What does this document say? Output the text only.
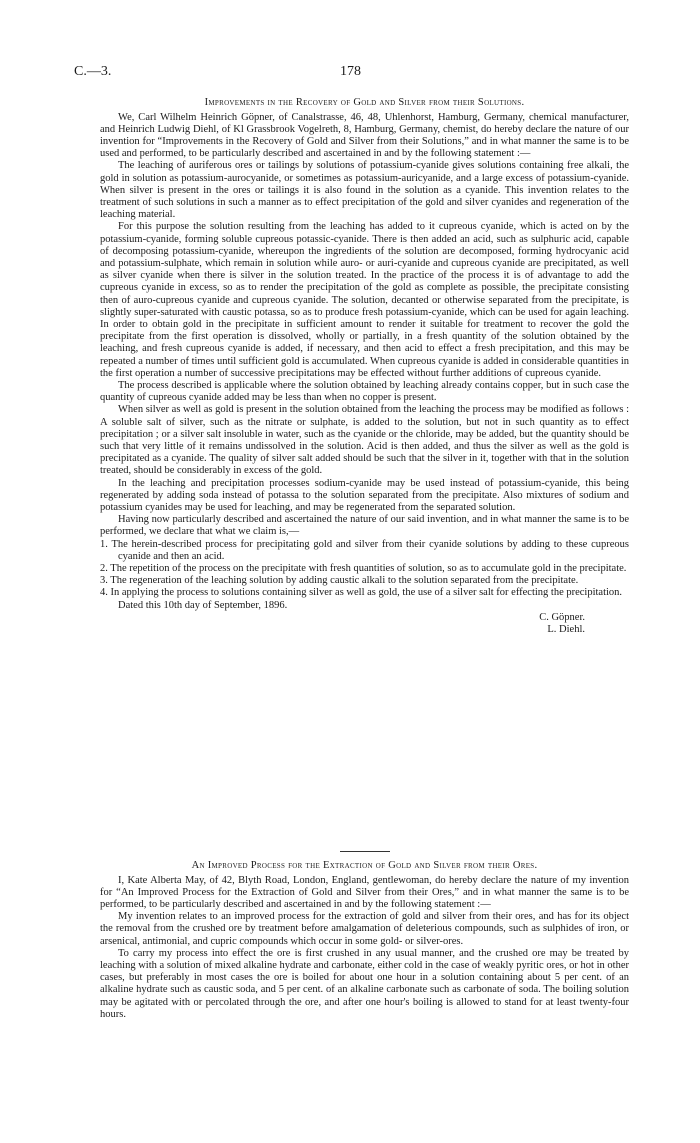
C.—3.	178
Improvements in the Recovery of Gold and Silver from their Solutions.

We, Carl Wilhelm Heinrich Göpner, of Canalstrasse, 46, 48, Uhlenhorst, Hamburg, Germany, chemical manufacturer, and Heinrich Ludwig Diehl, of Kl Grassbrook Vogelreth, 8, Hamburg, Germany, chemist, do hereby declare the nature of our invention for “Improvements in the Recovery of Gold and Silver from their Solutions,” and in what manner the same is to be used and performed, to be particularly described and ascertained in and by the following statement :—

The leaching of auriferous ores or tailings by solutions of potassium-cyanide gives solutions containing free alkali, the gold in solution as potassium-aurocyanide, or sometimes as potassium-auricyanide, and a large excess of potassium-cyanide. When silver is present in the ores or tailings it is also found in the solution as a cyanide. This invention relates to the treatment of such solutions in such a manner as to effect precipitation of the gold and silver cyanides and regeneration of the leaching material.

For this purpose the solution resulting from the leaching has added to it cupreous cyanide, which is acted on by the potassium-cyanide, forming soluble cupreous potassic-cyanide. There is then added an acid, such as sulphuric acid, capable of decomposing potassium-cyanide, whereupon the ingredients of the solution are decomposed, forming hydrocyanic acid and potassium-sulphate, which remain in solution while auro- or auri-cyanide and cupreous cyanide are precipitated, as well as silver cyanide when there is silver in the solution treated. In the practice of the process it is of advantage to add the cupreous cyanide in excess, so as to render the precipitation of the gold as complete as possible, the precipitate consisting then of auro-cupreous cyanide and cupreous cyanide. The solution, decanted or otherwise separated from the precipitate, is slightly super-saturated with caustic potassa, so as to produce fresh potassium-cyanide, which can be used for again leaching. In order to obtain gold in the precipitate in sufficient amount to render it suitable for treatment to recover the gold the precipitate from the first operation is dissolved, wholly or partially, in a fresh quantity of the solution obtained by the leaching, and fresh cupreous cyanide is added, if necessary, and then acid to effect a fresh precipitation, and this may be repeated a number of times until sufficient gold is accumulated. When cupreous cyanide is added in considerable quantities in the first operation a number of successive precipitations may be effected without further additions of cupreous cyanide.

The process described is applicable where the solution obtained by leaching already contains copper, but in such case the quantity of cupreous cyanide added may be less than when no copper is present.

When silver as well as gold is present in the solution obtained from the leaching the process may be modified as follows : A soluble salt of silver, such as the nitrate or sulphate, is added to the solution, but not in such quantity as to effect precipitation ; or a silver salt insoluble in water, such as the cyanide or the chloride, may be added, but the quantity should be such that very little of it remains undissolved in the solution. Acid is then added, and thus the silver as well as the gold is precipitated as a cyanide. The quality of silver salt added should be such that the silver in it, together with that in the solution treated, should be considerably in excess of the gold.

In the leaching and precipitation processes sodium-cyanide may be used instead of potassium-cyanide, this being regenerated by adding soda instead of potassa to the solution separated from the precipitate. Also mixtures of sodium and potassium cyanides may be used for leaching, and may be regenerated from the separated solution.

Having now particularly described and ascertained the nature of our said invention, and in what manner the same is to be performed, we declare that what we claim is,—

1. The herein-described process for precipitating gold and silver from their cyanide solutions by adding to these cupreous cyanide and then an acid.

2. The repetition of the process on the precipitate with fresh quantities of solution, so as to accumulate gold in the precipitate.

3. The regeneration of the leaching solution by adding caustic alkali to the solution separated from the precipitate.

4. In applying the process to solutions containing silver as well as gold, the use of a silver salt for effecting the precipitation.

Dated this 10th day of September, 1896.

C. Göpner.
L. Diehl.
An Improved Process for the Extraction of Gold and Silver from their Ores.

I, Kate Alberta May, of 42, Blyth Road, London, England, gentlewoman, do hereby declare the nature of my invention for “An Improved Process for the Extraction of Gold and Silver from their Ores,” and in what manner the same is to be performed, to be particularly described and ascertained in and by the following statement :—

My invention relates to an improved process for the extraction of gold and silver from their ores, and has for its object the removal from the crushed ore by treatment before amalgamation of deleterious compounds, such as sulphides of iron, or arsenical, antimonial, and cupric compounds which occur in some gold- or silver-ores.

To carry my process into effect the ore is first crushed in any usual manner, and the crushed ore may be treated by leaching with a solution of mixed alkaline hydrate and carbonate, either cold in the case of weakly pyritic ores, or hot in other cases, but preferably in most cases the ore is boiled for about one hour in a solution containing about 5 per cent. of an alkaline hydrate such as caustic soda, and 5 per cent. of an alkaline carbonate such as carbonate of soda. The boiling solution may be agitated with or percolated through the ore, and after one hour's boiling is allowed to stand for at least twenty-four hours.
